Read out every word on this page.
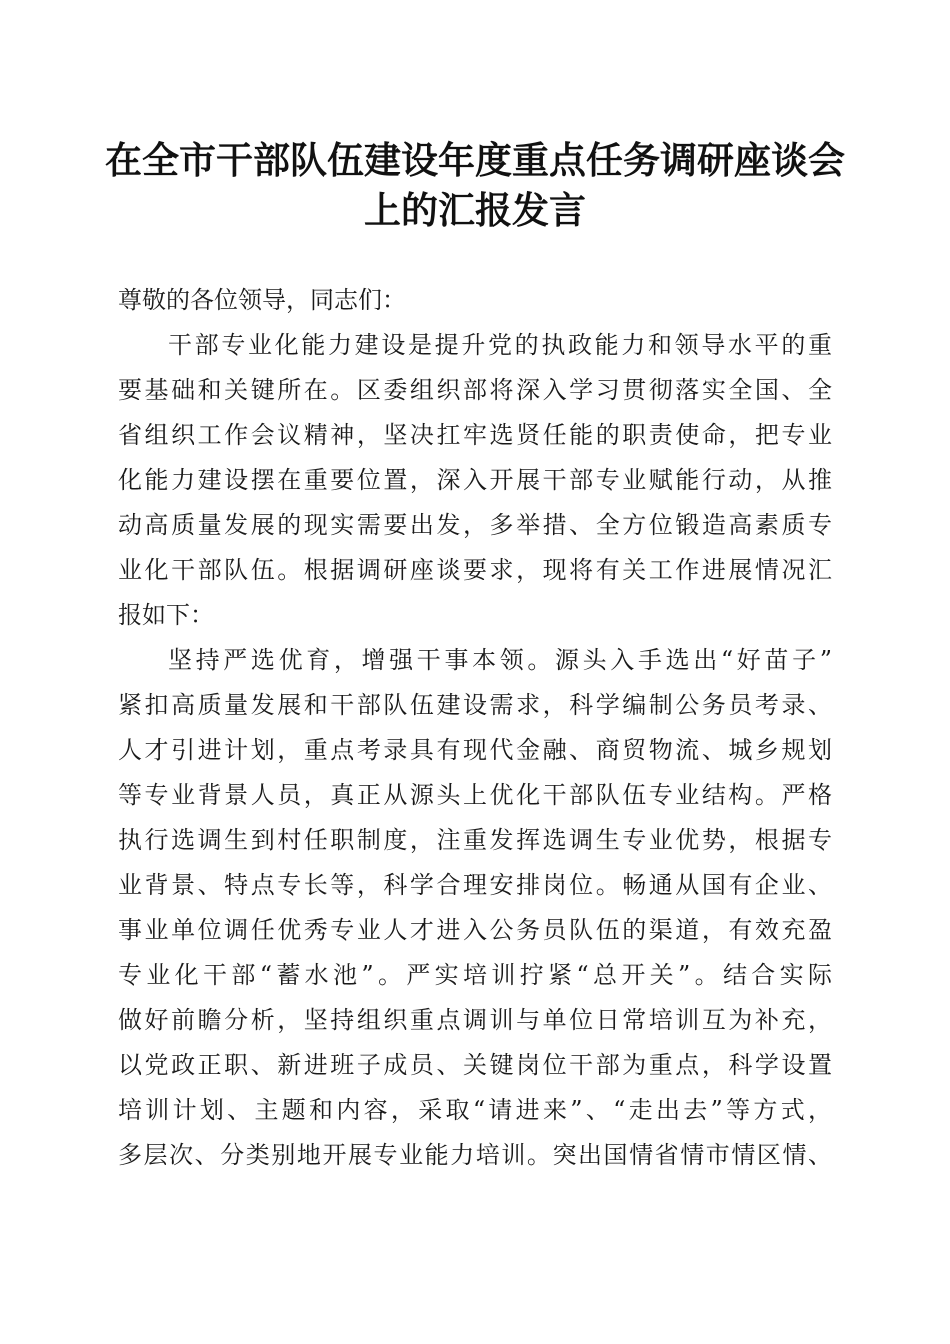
在全市干部队伍建设年度重点任务调研座谈会
上的汇报发言
尊敬的各位领导，同志们：
干部专业化能力建设是提升党的执政能力和领导水平的重
要基础和关键所在。区委组织部将深入学习贯彻落实全国、全
省组织工作会议精神，坚决扛牢选贤任能的职责使命，把专业
化能力建设摆在重要位置，深入开展干部专业赋能行动，从推
动高质量发展的现实需要出发，多举措、全方位锻造高素质专
业化干部队伍。根据调研座谈要求，现将有关工作进展情况汇
报如下：
坚持严选优育，增强干事本领。源头入手选出“好苗子”
紧扣高质量发展和干部队伍建设需求，科学编制公务员考录、
人才引进计划，重点考录具有现代金融、商贸物流、城乡规划
等专业背景人员，真正从源头上优化干部队伍专业结构。严格
执行选调生到村任职制度，注重发挥选调生专业优势，根据专
业背景、特点专长等，科学合理安排岗位。畅通从国有企业、
事业单位调任优秀专业人才进入公务员队伍的渠道，有效充盈
专业化干部“蓄水池”。严实培训拧紧“总开关”。结合实际
做好前瞻分析，坚持组织重点调训与单位日常培训互为补充，
以党政正职、新进班子成员、关键岗位干部为重点，科学设置
培训计划、主题和内容，采取“请进来”、“走出去”等方式，
多层次、分类别地开展专业能力培训。突出国情省情市情区情、
